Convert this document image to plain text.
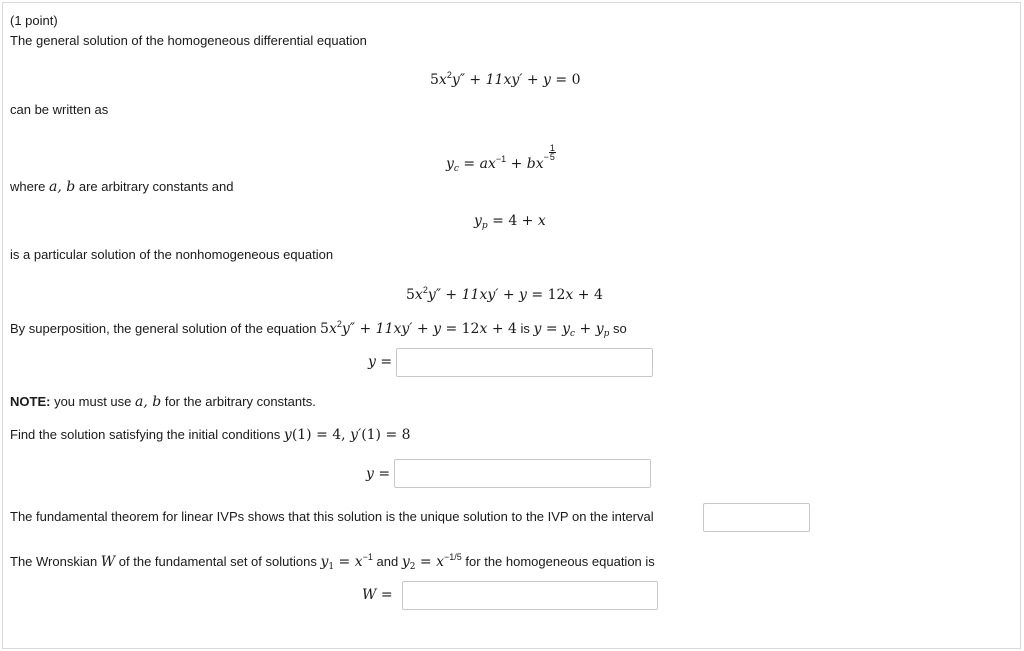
(1 point)
The general solution of the homogeneous differential equation
$5x^2y'' + 11xy' + y = 0$
can be written as
$y_c = ax^{-1} + bx^- \frac{1}{5}$
where a, b are arbitrary constants and
$y_p = 4 + x$
is a particular solution of the nonhomogeneous equation
$5x^2y'' + 11xy' + y = 12x + 4$
By superposition, the general solution of the equation $5x^2y'' + 11xy' + y = 12x + 4$ is $y = y_c + y_p$ so
y =
NOTE: you must use a, b for the arbitrary constants.
Find the solution satisfying the initial conditions y(1) = 4, y′(1) = 8
y =
The fundamental theorem for linear IVPs shows that this solution is the unique solution to the IVP on the interval
The Wronskian W of the fundamental set of solutions $y_1 = x^{-1}$ and $y_2 = x^{-1/5}$ for the homogeneous equation is
W =
